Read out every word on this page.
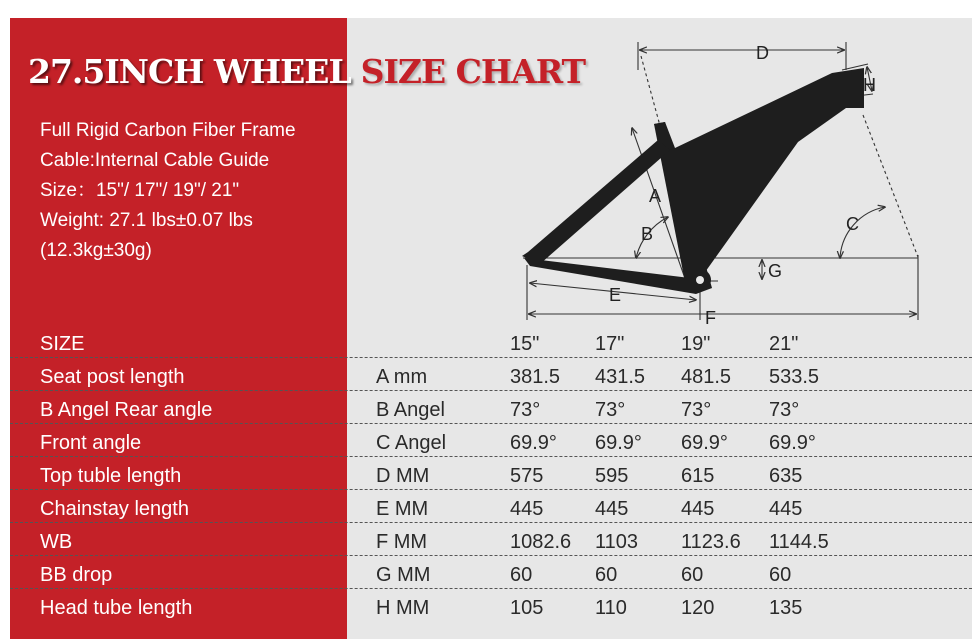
27.5INCH WHEEL SIZE CHART
Full Rigid Carbon Fiber Frame
Cable:Internal Cable Guide
Size：15"/ 17"/ 19"/ 21"
Weight: 27.1 lbs±0.07 lbs
(12.3kg±30g)
A
B	C
D
E
F
G
H
SIZE	15"	17"	19"	21"
Seat post length	A mm	381.5 431.5 481.5 533.5
B Angel Rear angle	B Angel	73°	73°	73°	73°
Front angle	C Angel	69.9° 69.9° 69.9° 69.9°
Top tuble length	D MM	575	595	615	635
Chainstay length	E MM	445	445	445	445
WB	F MM	1082.6 1103 1123.6 1144.5
BB drop	G MM	60	60	60	60
Head tube length	H MM	105	110	120	135
